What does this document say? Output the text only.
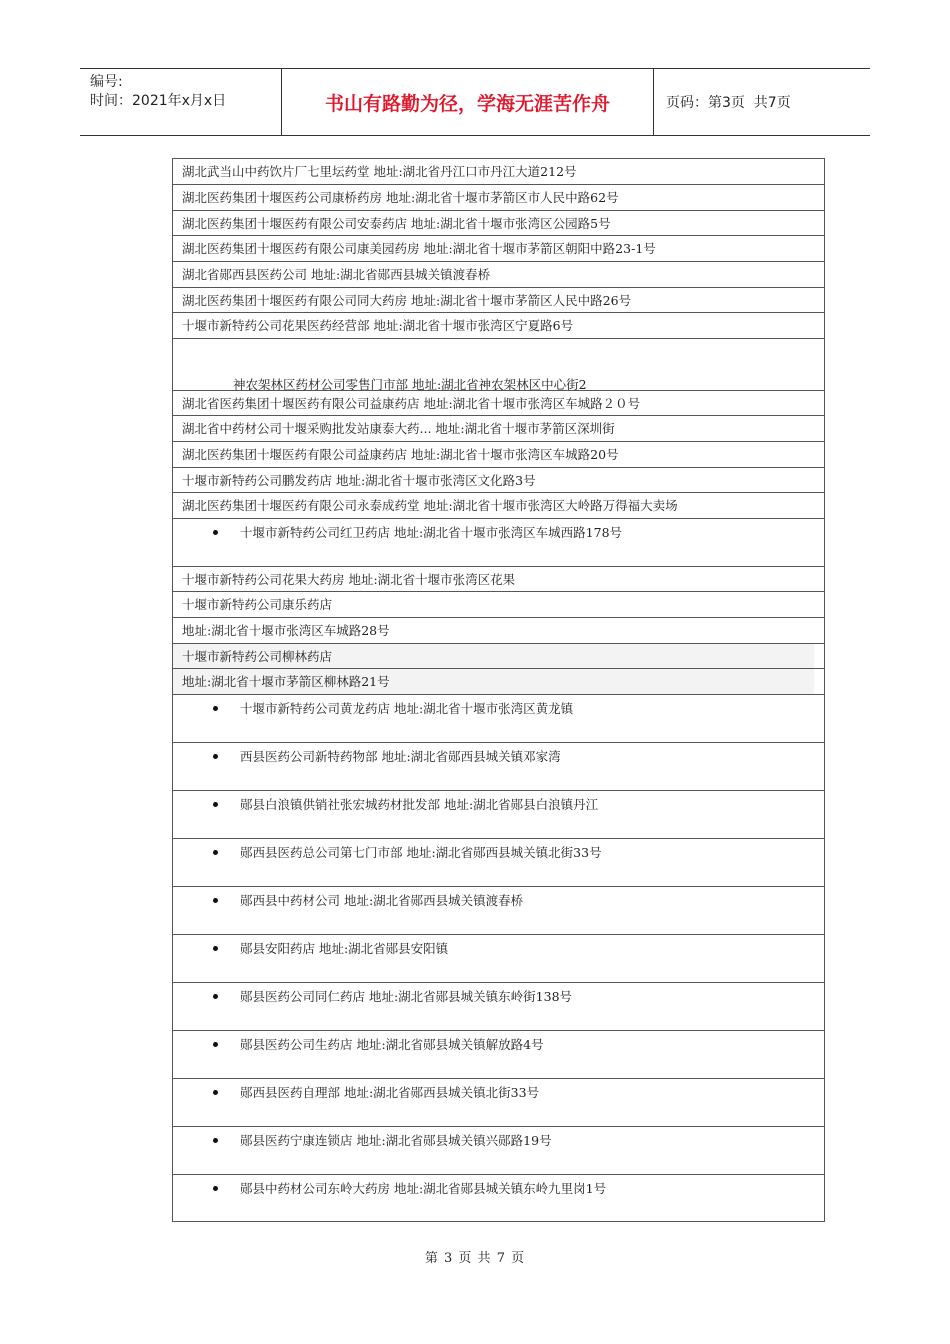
编号:
时间：2021年x月x日	书山有路勤为径，学海无涯苦作舟	页码：第3页  共7页
湖北武当山中药饮片厂七里坛药堂 地址:湖北省丹江口市丹江大道212号
湖北医药集团十堰医药公司康桥药房 地址:湖北省十堰市茅箭区市人民中路62号
湖北医药集团十堰医药有限公司安泰药店 地址:湖北省十堰市张湾区公园路5号
湖北医药集团十堰医药有限公司康美园药房 地址:湖北省十堰市茅箭区朝阳中路23-1号
湖北省郧西县医药公司 地址:湖北省郧西县城关镇渡春桥
湖北医药集团十堰医药有限公司同大药房 地址:湖北省十堰市茅箭区人民中路26号
十堰市新特药公司花果医药经营部 地址:湖北省十堰市张湾区宁夏路6号
神农架林区药材公司零售门市部 地址:湖北省神农架林区中心街2
湖北省医药集团十堰医药有限公司益康药店 地址:湖北省十堰市张湾区车城路２０号
湖北省中药材公司十堰采购批发站康泰大药... 地址:湖北省十堰市茅箭区深圳街
湖北医药集团十堰医药有限公司益康药店 地址:湖北省十堰市张湾区车城路20号
十堰市新特药公司鹏发药店 地址:湖北省十堰市张湾区文化路3号
湖北医药集团十堰医药有限公司永泰成药堂 地址:湖北省十堰市张湾区大岭路万得福大卖场
十堰市新特药公司红卫药店 地址:湖北省十堰市张湾区车城西路178号
十堰市新特药公司花果大药房 地址:湖北省十堰市张湾区花果
十堰市新特药公司康乐药店
地址:湖北省十堰市张湾区车城路28号
十堰市新特药公司柳林药店
地址:湖北省十堰市茅箭区柳林路21号
十堰市新特药公司黄龙药店 地址:湖北省十堰市张湾区黄龙镇
西县医药公司新特药物部 地址:湖北省郧西县城关镇邓家湾
郧县白浪镇供销社张宏城药材批发部 地址:湖北省郧县白浪镇丹江
郧西县医药总公司第七门市部 地址:湖北省郧西县城关镇北街33号
郧西县中药材公司 地址:湖北省郧西县城关镇渡春桥
郧县安阳药店 地址:湖北省郧县安阳镇
郧县医药公司同仁药店 地址:湖北省郧县城关镇东岭街138号
郧县医药公司生药店 地址:湖北省郧县城关镇解放路4号
郧西县医药自理部 地址:湖北省郧西县城关镇北街33号
郧县医药宁康连锁店 地址:湖北省郧县城关镇兴郧路19号
郧县中药材公司东岭大药房 地址:湖北省郧县城关镇东岭九里岗1号
第 3 页 共 7 页
